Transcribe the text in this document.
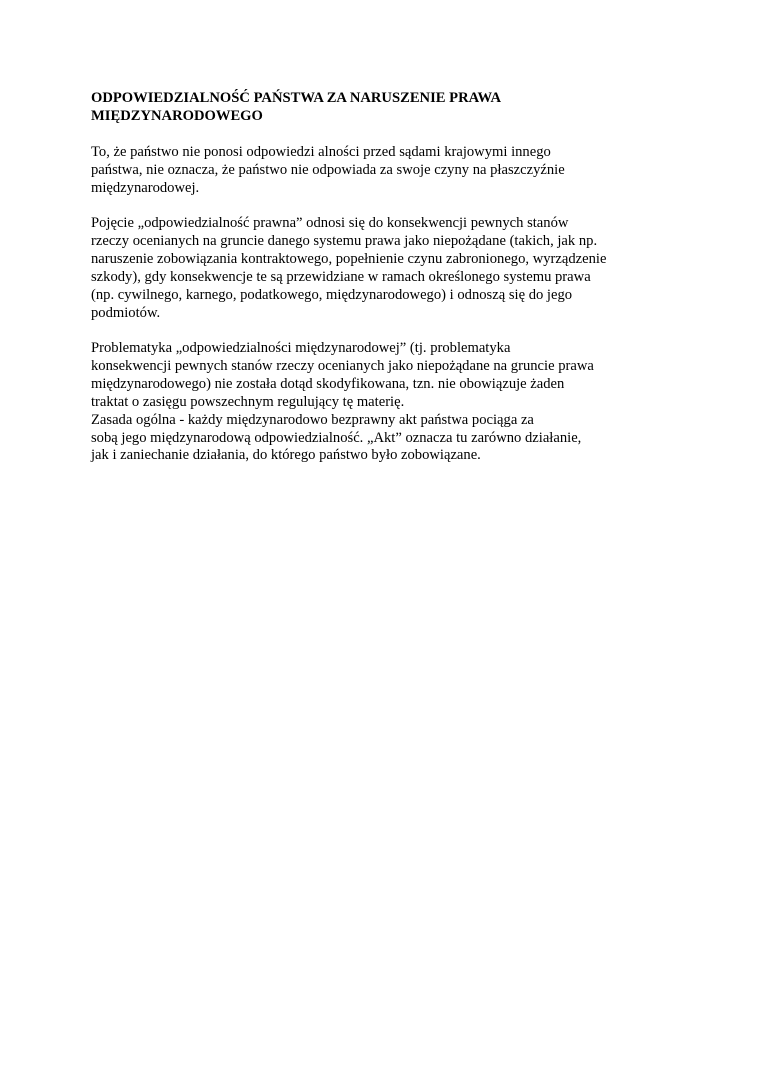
ODPOWIEDZIALNOŚĆ PAŃSTWA ZA NARUSZENIE PRAWA
MIĘDZYNARODOWEGO
To, że państwo nie ponosi odpowiedzi alności przed sądami krajowymi innego
państwa, nie oznacza, że państwo nie odpowiada za swoje czyny na płaszczyźnie
międzynarodowej.
Pojęcie „odpowiedzialność prawna” odnosi się do konsekwencji pewnych stanów
rzeczy ocenianych na gruncie danego systemu prawa jako niepożądane (takich, jak np.
naruszenie zobowiązania kontraktowego, popełnienie czynu zabronionego, wyrządzenie
szkody), gdy konsekwencje te są przewidziane w ramach określonego systemu prawa
(np. cywilnego, karnego, podatkowego, międzynarodowego) i odnoszą się do jego
podmiotów.
Problematyka „odpowiedzialności międzynarodowej” (tj. problematyka
konsekwencji pewnych stanów rzeczy ocenianych jako niepożądane na gruncie prawa
międzynarodowego) nie została dotąd skodyfikowana, tzn. nie obowiązuje żaden
traktat o zasięgu powszechnym regulujący tę materię.
Zasada ogólna - każdy międzynarodowo bezprawny akt państwa pociąga za
sobą jego międzynarodową odpowiedzialność. „Akt” oznacza tu zarówno działanie,
jak i zaniechanie działania, do którego państwo było zobowiązane.
